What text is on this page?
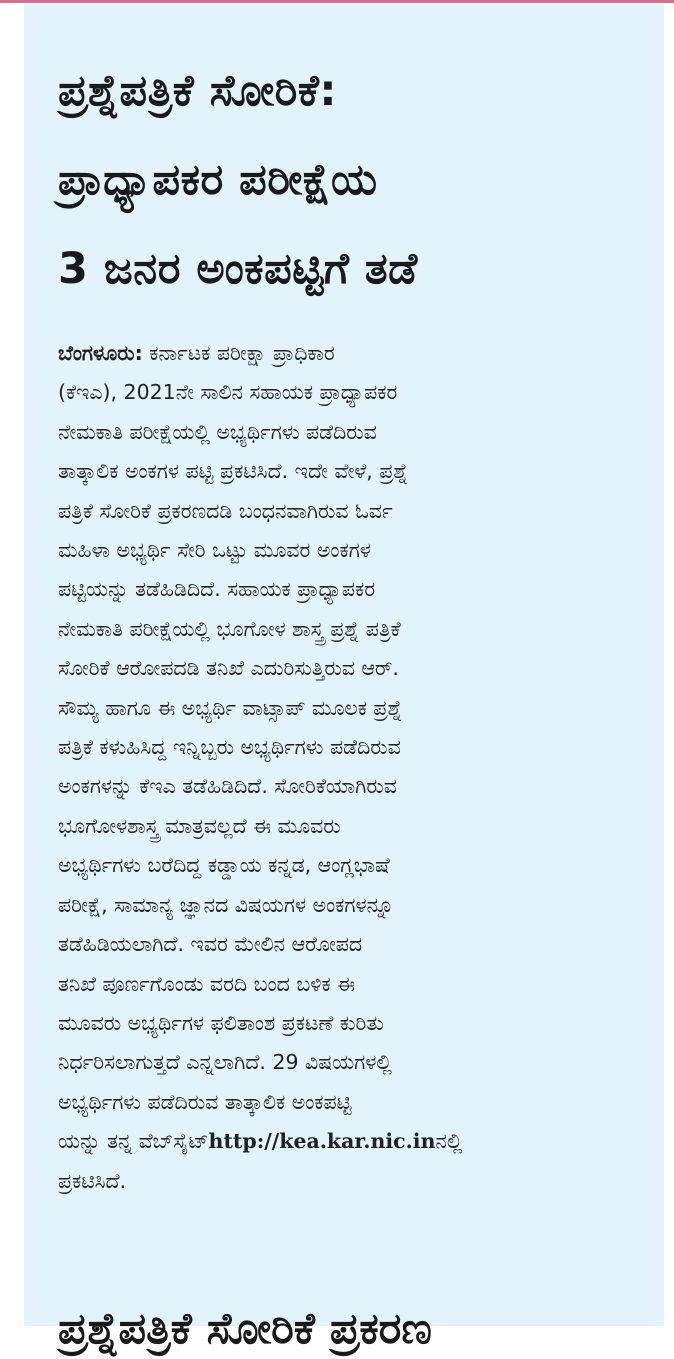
ಪ್ರಶ್ನೆಪತ್ರಿಕೆ ಸೋರಿಕೆ:
ಪ್ರಾಧ್ಯಾಪಕರ ಪರೀಕ್ಷೆಯ
3 ಜನರ ಅಂಕಪಟ್ಟಿಗೆ ತಡೆ
ಬೆಂಗಳೂರು: ಕರ್ನಾಟಕ ಪರೀಕ್ಷಾ ಪ್ರಾಧಿಕಾರ
(ಕೆಇಎ), 2021ನೇ ಸಾಲಿನ ಸಹಾಯಕ ಪ್ರಾಧ್ಯಾಪಕರ
ನೇಮಕಾತಿ ಪರೀಕ್ಷೆಯಲ್ಲಿ ಅಭ್ಯರ್ಥಿಗಳು ಪಡೆದಿರುವ
ತಾತ್ಕಾಲಿಕ ಅಂಕಗಳ ಪಟ್ಟಿ ಪ್ರಕಟಿಸಿದೆ. ಇದೇ ವೇಳೆ, ಪ್ರಶ್ನೆ
ಪತ್ರಿಕೆ ಸೋರಿಕೆ ಪ್ರಕರಣದಡಿ ಬಂಧನವಾಗಿರುವ ಓರ್ವ
ಮಹಿಳಾ ಅಭ್ಯರ್ಥಿ ಸೇರಿ ಒಟ್ಟು ಮೂವರ ಅಂಕಗಳ
ಪಟ್ಟಿಯನ್ನು ತಡೆಹಿಡಿದಿದೆ. ಸಹಾಯಕ ಪ್ರಾಧ್ಯಾಪಕರ
ನೇಮಕಾತಿ ಪರೀಕ್ಷೆಯಲ್ಲಿ ಭೂಗೋಳ ಶಾಸ್ತ್ರ ಪ್ರಶ್ನೆ ಪತ್ರಿಕೆ
ಸೋರಿಕೆ ಆರೋಪದಡಿ ತನಿಖೆ ಎದುರಿಸುತ್ತಿರುವ ಆರ್.
ಸೌಮ್ಯ ಹಾಗೂ ಈ ಅಭ್ಯರ್ಥಿ ವಾಟ್ಸಾಪ್ ಮೂಲಕ ಪ್ರಶ್ನೆ
ಪತ್ರಿಕೆ ಕಳುಹಿಸಿದ್ದ ಇನ್ನಿಬ್ಬರು ಅಭ್ಯರ್ಥಿಗಳು ಪಡೆದಿರುವ
ಅಂಕಗಳನ್ನು ಕೆಇಎ ತಡೆಹಿಡಿದಿದೆ. ಸೋರಿಕೆಯಾಗಿರುವ
ಭೂಗೋಳಶಾಸ್ತ್ರ ಮಾತ್ರವಲ್ಲದೆ ಈ ಮೂವರು
ಅಭ್ಯರ್ಥಿಗಳು ಬರೆದಿದ್ದ ಕಡ್ಡಾಯ ಕನ್ನಡ, ಆಂಗ್ಲಭಾಷೆ
ಪರೀಕ್ಷೆ, ಸಾಮಾನ್ಯ ಜ್ಞಾನದ ವಿಷಯಗಳ ಅಂಕಗಳನ್ನೂ
ತಡೆಹಿಡಿಯಲಾಗಿದೆ. ಇವರ ಮೇಲಿನ ಆರೋಪದ
ತನಿಖೆ ಪೂರ್ಣಗೊಂಡು ವರದಿ ಬಂದ ಬಳಿಕ ಈ
ಮೂವರು ಅಭ್ಯರ್ಥಿಗಳ ಫಲಿತಾಂಶ ಪ್ರಕಟಣೆ ಕುರಿತು
ನಿರ್ಧರಿಸಲಾಗುತ್ತದೆ ಎನ್ನಲಾಗಿದೆ. 29 ವಿಷಯಗಳಲ್ಲಿ
ಅಭ್ಯರ್ಥಿಗಳು ಪಡೆದಿರುವ ತಾತ್ಕಾಲಿಕ ಅಂಕಪಟ್ಟಿ
ಯನ್ನು ತನ್ನ ವೆಬ್‌ಸೈಟ್http://kea.kar.nic.inನಲ್ಲಿ
ಪ್ರಕಟಿಸಿದೆ.
ಪ್ರಶ್ನೆಪತ್ರಿಕೆ ಸೋರಿಕೆ ಪ್ರಕರಣ
